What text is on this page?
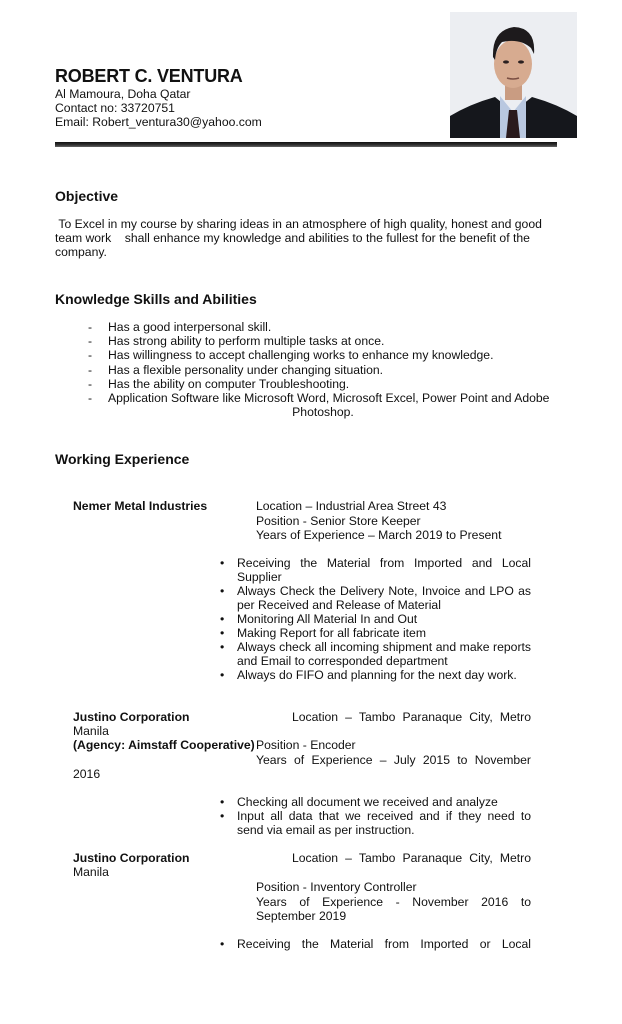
ROBERT C. VENTURA
Al Mamoura, Doha Qatar
Contact no: 33720751
Email: Robert_ventura30@yahoo.com
Objective
To Excel in my course by sharing ideas in an atmosphere of high quality, honest and good
team work    shall enhance my knowledge and abilities to the fullest for the benefit of the
company.
Knowledge Skills and Abilities
-	Has a good interpersonal skill.
-	Has strong ability to perform multiple tasks at once.
-	Has willingness to accept challenging works to enhance my knowledge.
-	Has a flexible personality under changing situation.
-	Has the ability on computer Troubleshooting.
-	Application Software like Microsoft Word, Microsoft Excel, Power Point and Adobe
Photoshop.
Working Experience
Nemer Metal Industries	Location – Industrial Area Street 43
Position - Senior Store Keeper
Years of Experience – March 2019 to Present
•	Receiving the Material from Imported and Local Supplier
•	Always Check the Delivery Note, Invoice and LPO as per Received and Release of Material
•	Monitoring All Material In and Out
•	Making Report for all fabricate item
•	Always check all incoming shipment and make reports and Email to corresponded department
•	Always do FIFO and planning for the next day work.
Justino Corporation	Location – Tambo Paranaque City, Metro
Manila
(Agency: Aimstaff Cooperative) Position - Encoder
Years of Experience – July 2015 to November
2016
•	Checking all document we received and analyze
•	Input all data that we received and if they need to send via email as per instruction.
Justino Corporation	Location – Tambo Paranaque City, Metro
Manila
Position - Inventory Controller
Years of Experience - November 2016 to
September 2019
•	Receiving the Material from Imported or Local
